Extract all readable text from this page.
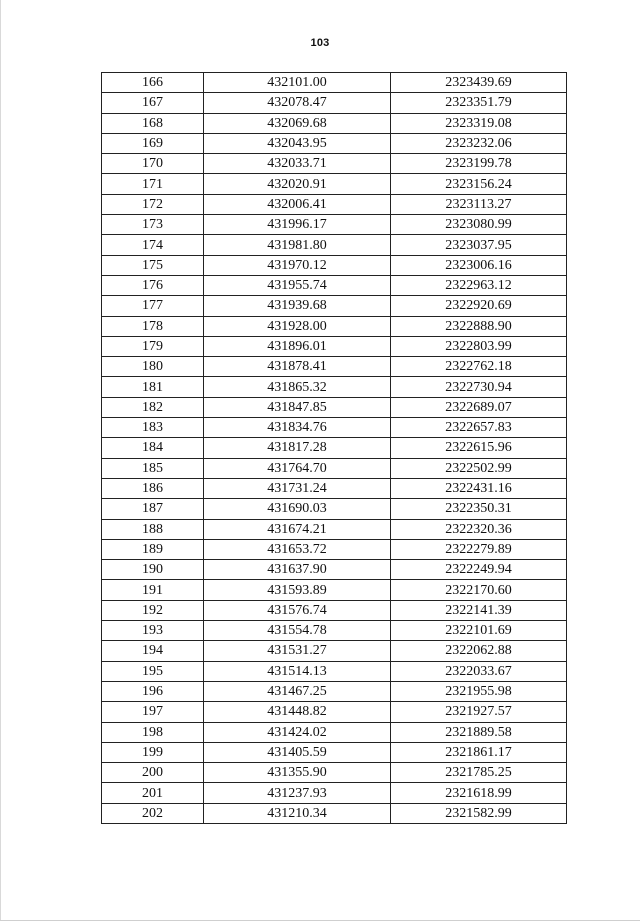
103
166	432101.00	2323439.69
167	432078.47	2323351.79
168	432069.68	2323319.08
169	432043.95	2323232.06
170	432033.71	2323199.78
171	432020.91	2323156.24
172	432006.41	2323113.27
173	431996.17	2323080.99
174	431981.80	2323037.95
175	431970.12	2323006.16
176	431955.74	2322963.12
177	431939.68	2322920.69
178	431928.00	2322888.90
179	431896.01	2322803.99
180	431878.41	2322762.18
181	431865.32	2322730.94
182	431847.85	2322689.07
183	431834.76	2322657.83
184	431817.28	2322615.96
185	431764.70	2322502.99
186	431731.24	2322431.16
187	431690.03	2322350.31
188	431674.21	2322320.36
189	431653.72	2322279.89
190	431637.90	2322249.94
191	431593.89	2322170.60
192	431576.74	2322141.39
193	431554.78	2322101.69
194	431531.27	2322062.88
195	431514.13	2322033.67
196	431467.25	2321955.98
197	431448.82	2321927.57
198	431424.02	2321889.58
199	431405.59	2321861.17
200	431355.90	2321785.25
201	431237.93	2321618.99
202	431210.34	2321582.99
